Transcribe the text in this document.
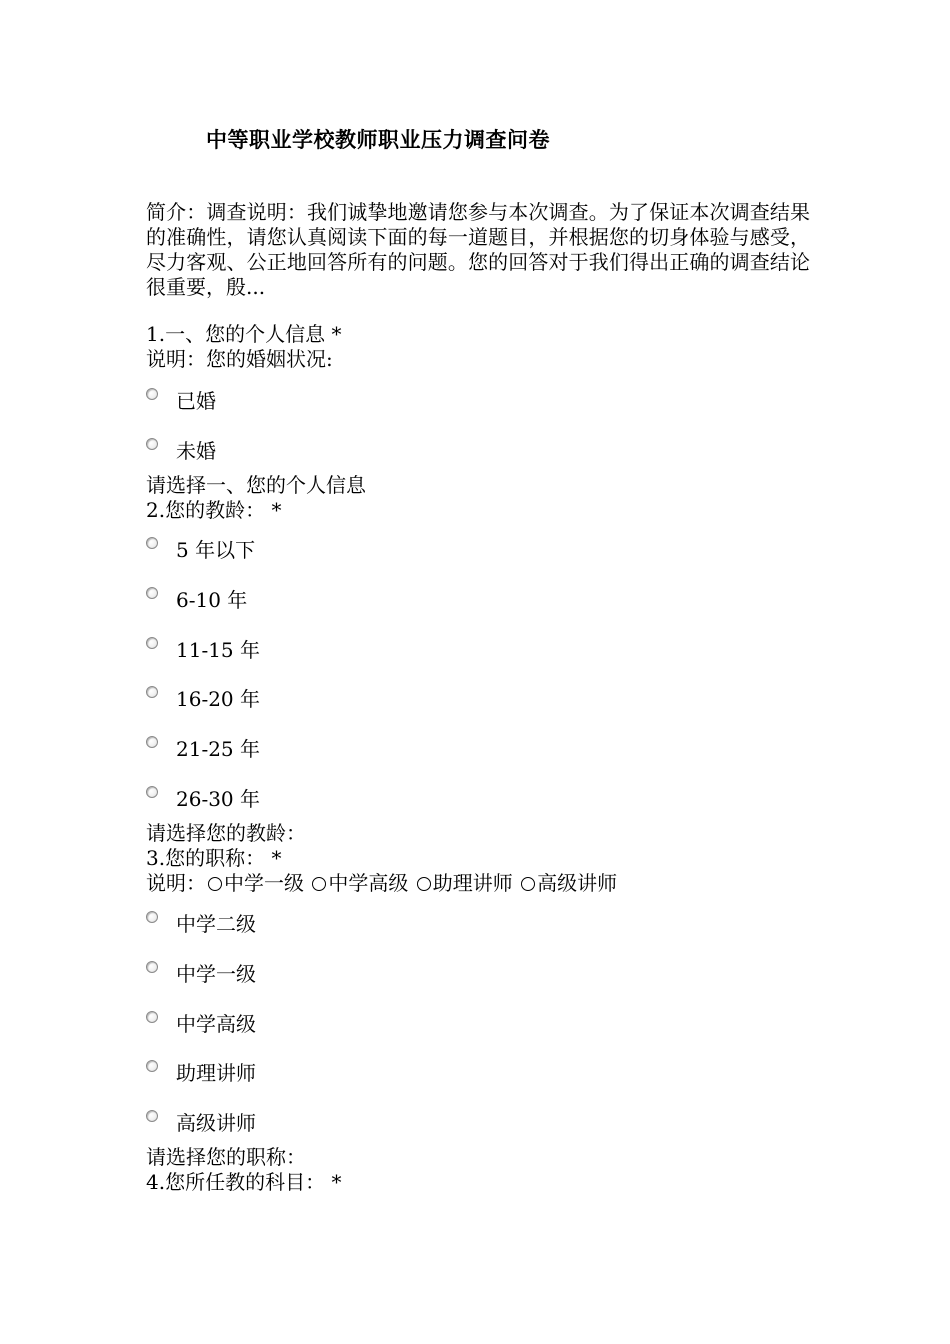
中等职业学校教师职业压力调查问卷
简介：调查说明：我们诚挚地邀请您参与本次调查。为了保证本次调查结果的准确性，请您认真阅读下面的每一道题目，并根据您的切身体验与感受，尽力客观、公正地回答所有的问题。您的回答对于我们得出正确的调查结论很重要，殷...
1.一、您的个人信息 *
说明：您的婚姻状况:
已婚
未婚
请选择一、您的个人信息
2.您的教龄： *
5 年以下
6-10 年
11-15 年
16-20 年
21-25 年
26-30 年
请选择您的教龄：
3.您的职称： *
说明： 中学一级 中学高级 助理讲师 高级讲师
中学二级
中学一级
中学高级
助理讲师
高级讲师
请选择您的职称：
4.您所任教的科目： *
